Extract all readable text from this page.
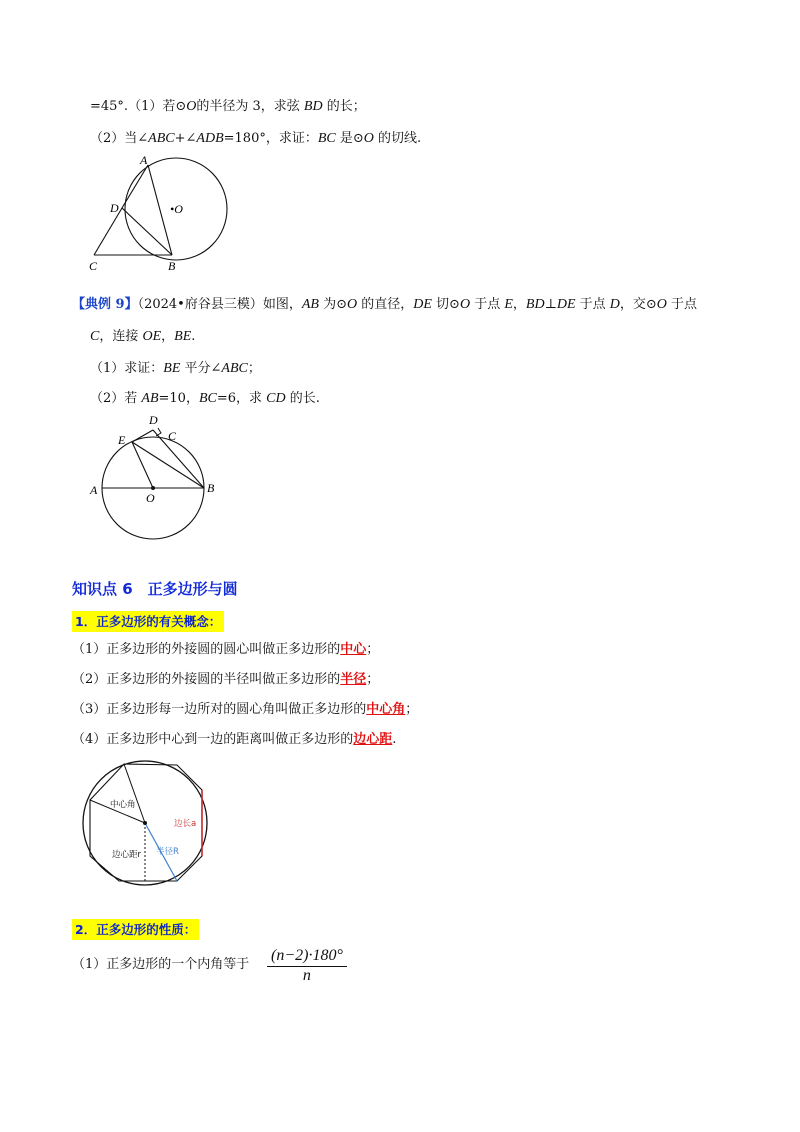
=45°.（1）若⊙O的半径为 3，求弦 BD 的长；
（2）当∠ABC+∠ADB=180°，求证：BC 是⊙O 的切线.
A
D	•O
C	B
【典例 9】（2024•府谷县三模）如图，AB 为⊙O 的直径，DE 切⊙O 于点 E，BD⊥DE 于点 D，交⊙O 于点
C，连接 OE，BE.
（1）求证：BE 平分∠ABC；
（2）若 AB=10，BC=6，求 CD 的长.
D
E	C
A
O
B
知识点 6　正多边形与圆
1．正多边形的有关概念：
（1）正多边形的外接圆的圆心叫做正多边形的中心；
（2）正多边形的外接圆的半径叫做正多边形的半径；
（3）正多边形每一边所对的圆心角叫做正多边形的中心角；
（4）正多边形中心到一边的距离叫做正多边形的边心距.
中心角
边长a
边心距r 半径R
2．正多边形的性质：
（1）正多边形的一个内角等于 $\frac{(n-2)\cdot 180^\circ}{n}$
